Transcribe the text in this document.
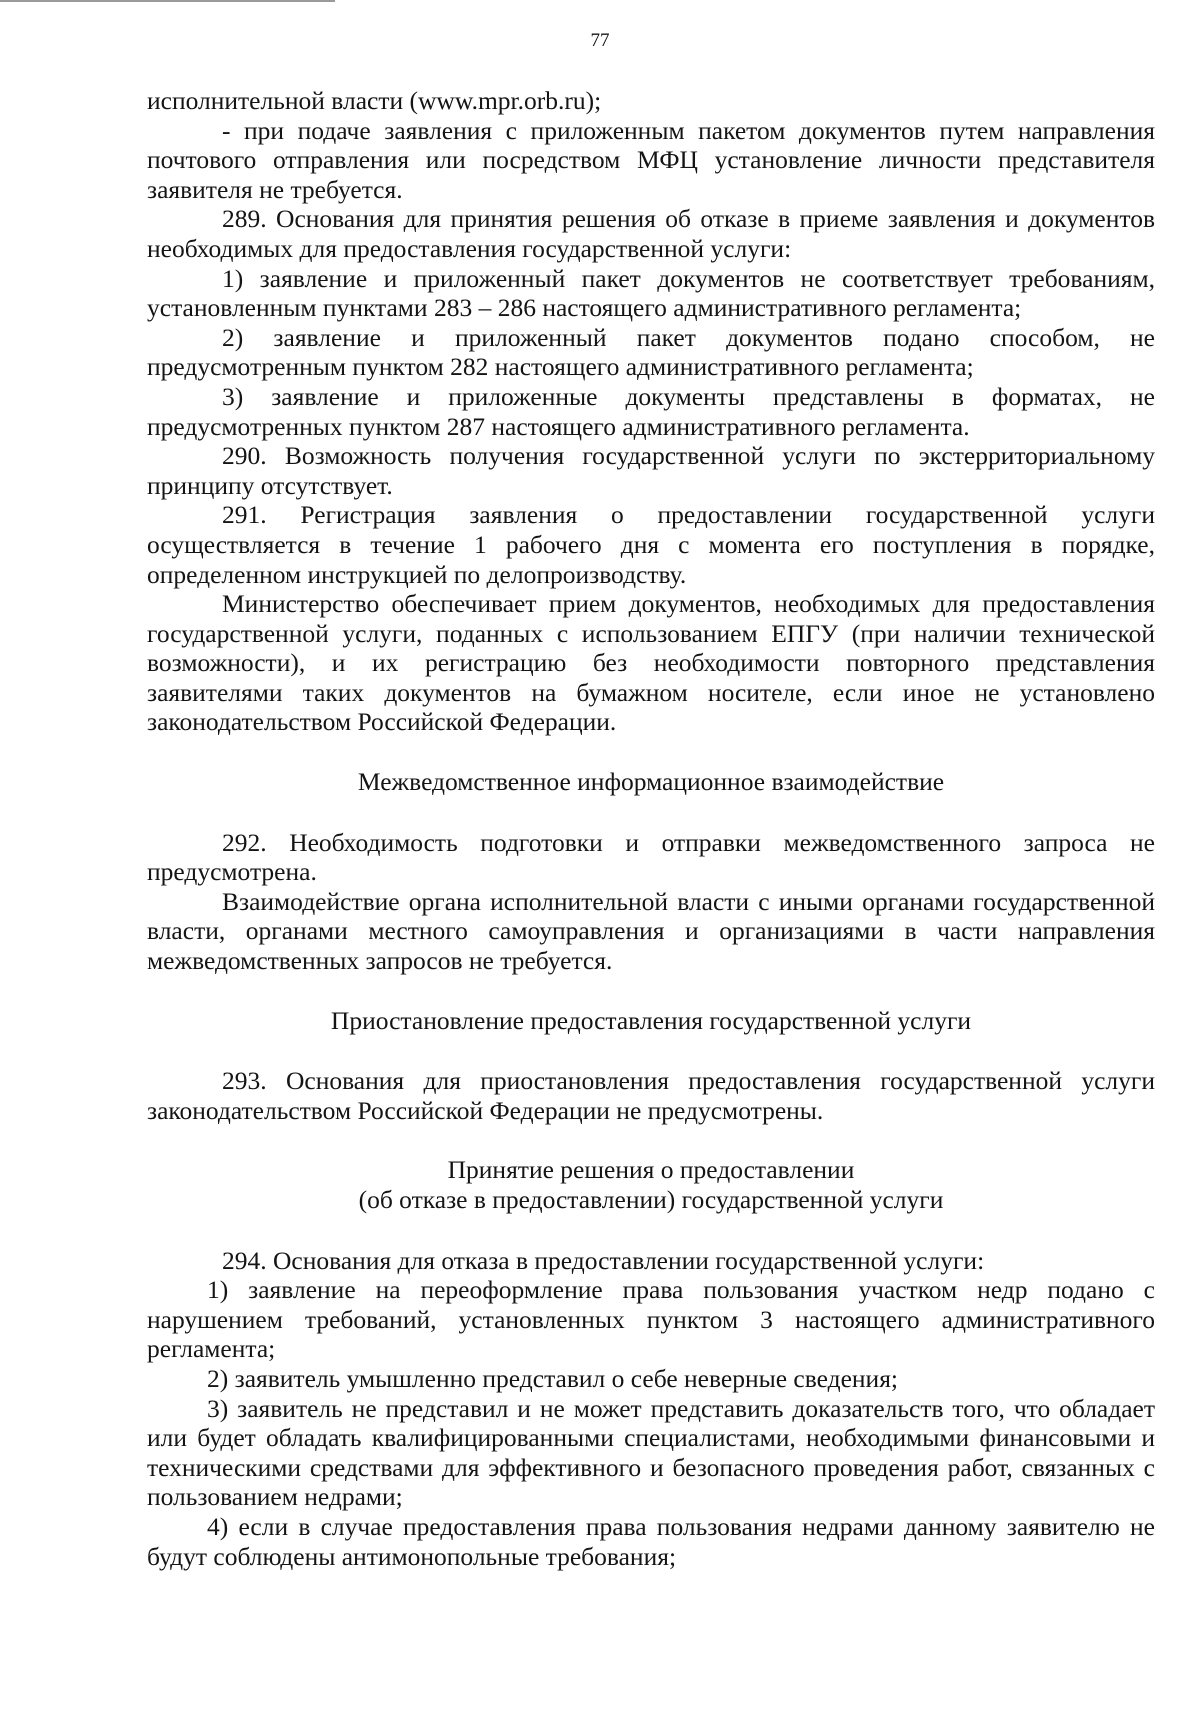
77

исполнительной власти (www.mpr.orb.ru);

- при подаче заявления с приложенным пакетом документов путем направления почтового отправления или посредством МФЦ установление личности представителя заявителя не требуется.

289. Основания для принятия решения об отказе в приеме заявления и документов необходимых для предоставления государственной услуги:

1) заявление и приложенный пакет документов не соответствует требованиям, установленным пунктами 283 – 286 настоящего административного регламента;

2) заявление и приложенный пакет документов подано способом, не предусмотренным пунктом 282 настоящего административного регламента;

3) заявление и приложенные документы представлены в форматах, не предусмотренных пунктом 287 настоящего административного регламента.

290. Возможность получения государственной услуги по экстерриториальному принципу отсутствует.

291. Регистрация заявления о предоставлении государственной услуги осуществляется в течение 1 рабочего дня с момента его поступления в порядке, определенном инструкцией по делопроизводству.

Министерство обеспечивает прием документов, необходимых для предоставления государственной услуги, поданных с использованием ЕПГУ (при наличии технической возможности), и их регистрацию без необходимости повторного представления заявителями таких документов на бумажном носителе, если иное не установлено законодательством Российской Федерации.

Межведомственное информационное взаимодействие

292. Необходимость подготовки и отправки межведомственного запроса не предусмотрена.

Взаимодействие органа исполнительной власти с иными органами государственной власти, органами местного самоуправления и организациями в части направления межведомственных запросов не требуется.

Приостановление предоставления государственной услуги

293. Основания для приостановления предоставления государственной услуги законодательством Российской Федерации не предусмотрены.

Принятие решения о предоставлении
(об отказе в предоставлении) государственной услуги

294. Основания для отказа в предоставлении государственной услуги:

1) заявление на переоформление права пользования участком недр подано с нарушением требований, установленных пунктом 3 настоящего административного регламента;

2) заявитель умышленно представил о себе неверные сведения;

3) заявитель не представил и не может представить доказательств того, что обладает или будет обладать квалифицированными специалистами, необходимыми финансовыми и техническими средствами для эффективного и безопасного проведения работ, связанных с пользованием недрами;

4) если в случае предоставления права пользования недрами данному заявителю не будут соблюдены антимонопольные требования;
